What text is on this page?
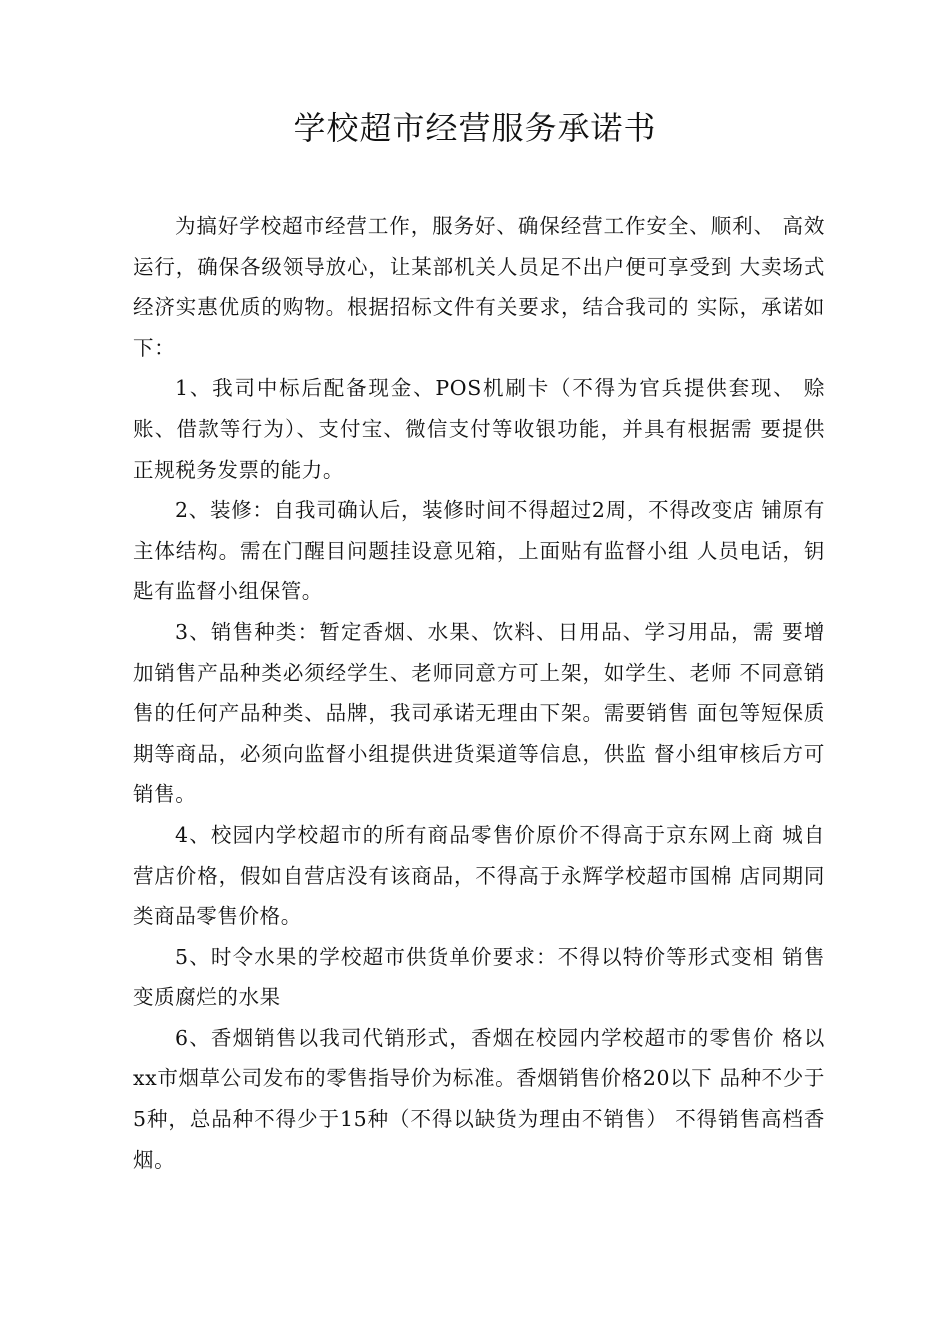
学校超市经营服务承诺书

为搞好学校超市经营工作，服务好、确保经营工作安全、顺利、 高效运行，确保各级领导放心，让某部机关人员足不出户便可享受到 大卖场式经济实惠优质的购物。根据招标文件有关要求，结合我司的 实际，承诺如下：

1、我司中标后配备现金、POS机刷卡（不得为官兵提供套现、 赊账、借款等行为）、支付宝、微信支付等收银功能，并具有根据需 要提供正规税务发票的能力。

2、装修：自我司确认后，装修时间不得超过2周，不得改变店 铺原有主体结构。需在门醒目问题挂设意见箱，上面贴有监督小组 人员电话，钥匙有监督小组保管。

3、销售种类：暂定香烟、水果、饮料、日用品、学习用品，需 要增加销售产品种类必须经学生、老师同意方可上架，如学生、老师 不同意销售的任何产品种类、品牌，我司承诺无理由下架。需要销售 面包等短保质期等商品，必须向监督小组提供进货渠道等信息，供监 督小组审核后方可销售。

4、校园内学校超市的所有商品零售价原价不得高于京东网上商 城自营店价格，假如自营店没有该商品，不得高于永辉学校超市国棉 店同期同类商品零售价格。

5、时令水果的学校超市供货单价要求：不得以特价等形式变相 销售变质腐烂的水果

6、香烟销售以我司代销形式，香烟在校园内学校超市的零售价 格以xx市烟草公司发布的零售指导价为标准。香烟销售价格20以下 品种不少于5种，总品种不得少于15种（不得以缺货为理由不销售） 不得销售高档香烟。
